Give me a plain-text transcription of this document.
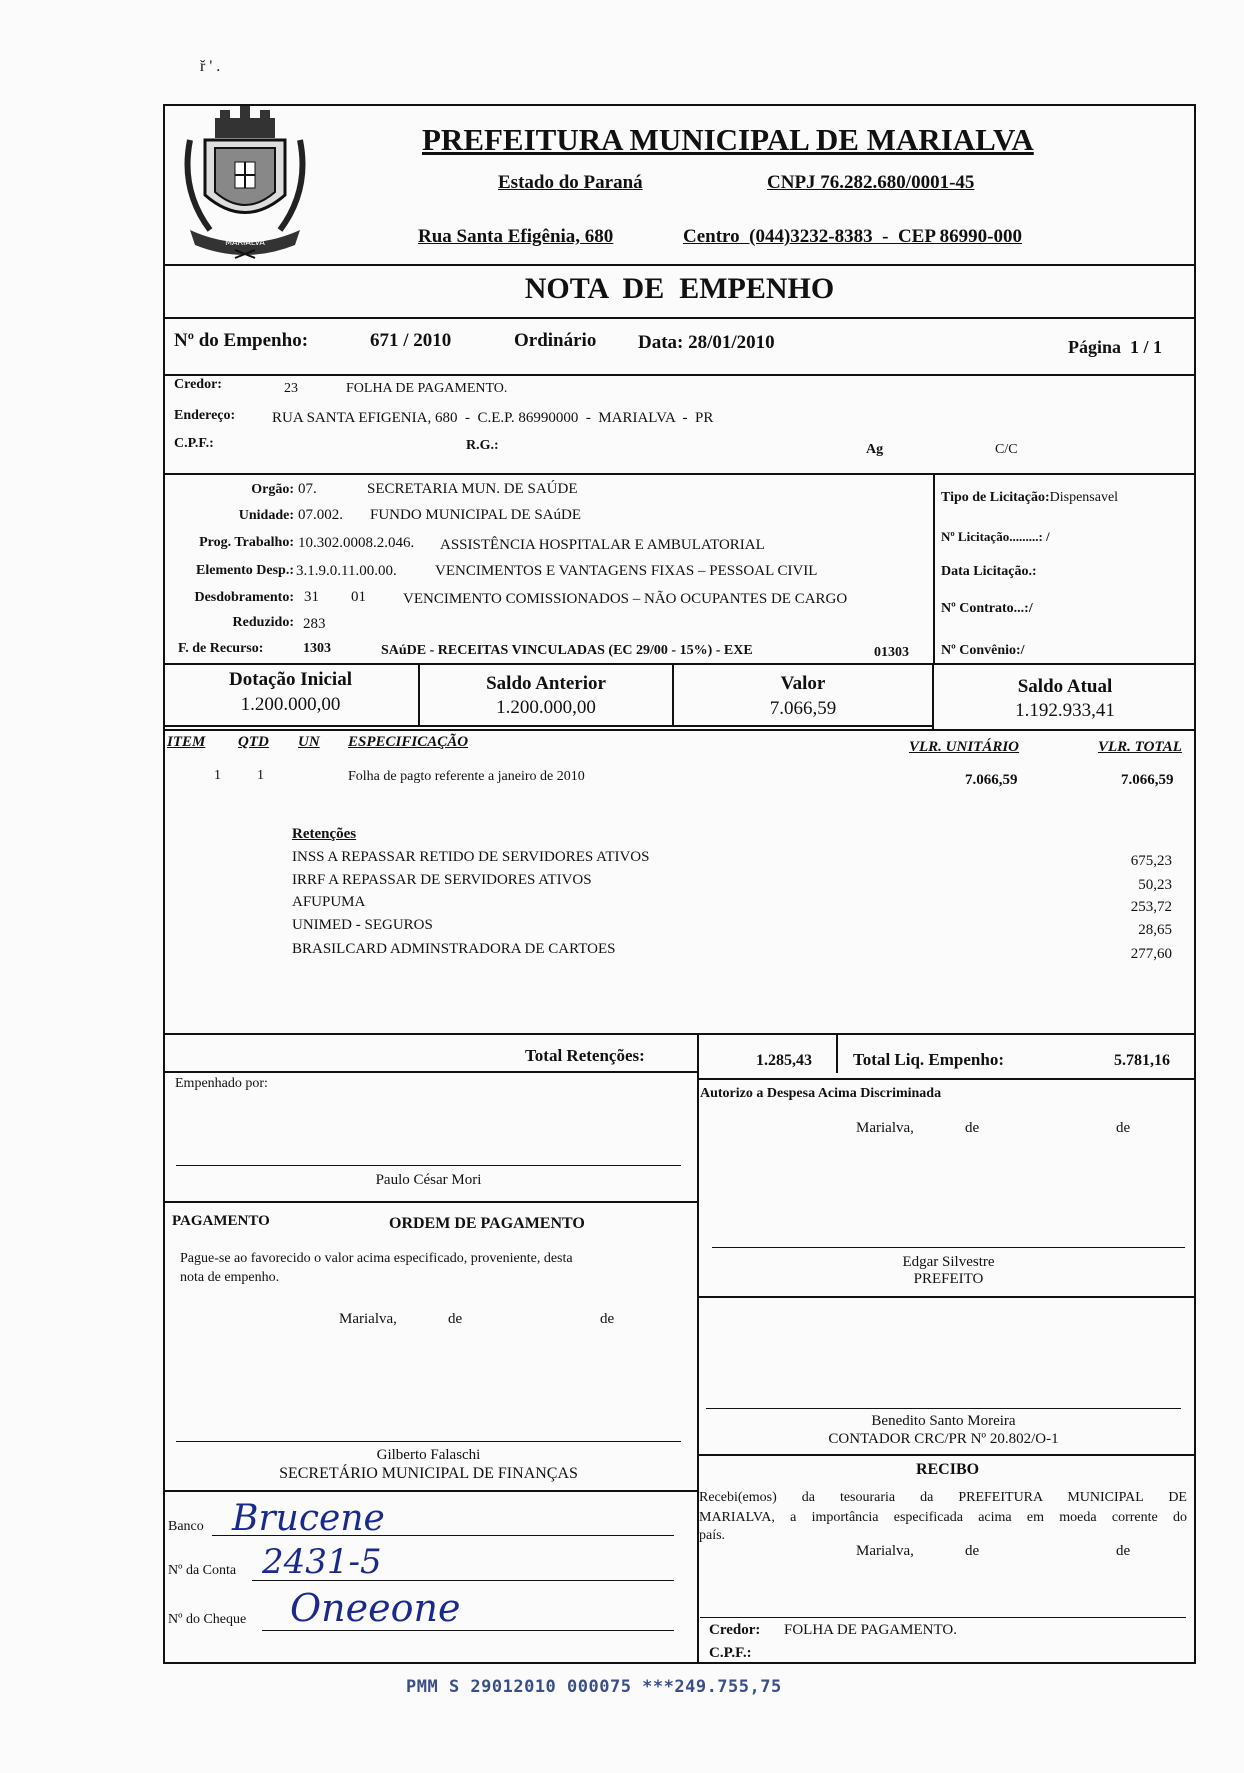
ř ' .
MARIALVA
PREFEITURA MUNICIPAL DE MARIALVA
Estado do Paraná	CNPJ 76.282.680/0001-45
Rua Santa Efigênia, 680	Centro  (044)3232-8383  -  CEP 86990-000
NOTA  DE  EMPENHO
Nº do Empenho:	671 / 2010	Ordinário Data: 28/01/2010	Página  1 / 1
Credor:	23	FOLHA DE PAGAMENTO.
Endereço: RUA SANTA EFIGENIA, 680  -  C.E.P. 86990000  -  MARIALVA  -  PR
C.P.F.:	R.G.:	Ag	C/C
Orgão: 07.	SECRETARIA MUN. DE SAÚDE
Unidade: 07.002. FUNDO MUNICIPAL DE SAúDE
Prog. Trabalho: 10.302.0008.2.046. ASSISTÊNCIA HOSPITALAR E AMBULATORIAL
Elemento Desp.: 3.1.9.0.11.00.00.	VENCIMENTOS E VANTAGENS FIXAS – PESSOAL CIVIL
Desdobramento: 31 01 VENCIMENTO COMISSIONADOS – NÃO OCUPANTES DE CARGO
Reduzido: 283
F. de Recurso:	1303	SAúDE - RECEITAS VINCULADAS (EC 29/00 - 15%) - EXE	01303
Tipo de Licitação:Dispensavel
Nº Licitação.........: /
Data Licitação.:
Nº Contrato...:/
Nº Convênio:/
Dotação Inicial
1.200.000,00
Saldo Anterior
1.200.000,00
Valor
7.066,59
Saldo Atual
1.192.933,41
ITEM QTD UN ESPECIFICAÇÃO	VLR. UNITÁRIO	VLR. TOTAL
1	1	Folha de pagto referente a janeiro de 2010	7.066,59	7.066,59
Retenções
INSS A REPASSAR RETIDO DE SERVIDORES ATIVOS	675,23
IRRF A REPASSAR DE SERVIDORES ATIVOS	50,23
AFUPUMA	253,72
UNIMED - SEGUROS	28,65
BRASILCARD ADMINSTRADORA DE CARTOES	277,60
Total Retenções:	1.285,43 Total Liq. Empenho:	5.781,16
Empenhado por:
Paulo César Mori
Autorizo a Despesa Acima Discriminada
Marialva,	de	de
Edgar Silvestre
PREFEITO
Benedito Santo Moreira
CONTADOR CRC/PR Nº 20.802/O-1
PAGAMENTO	ORDEM DE PAGAMENTO
Pague-se ao favorecido o valor acima especificado, proveniente, desta
nota de empenho.
Marialva,	de	de
Gilberto Falaschi
SECRETÁRIO MUNICIPAL DE FINANÇAS
Banco Brucene
Nº da Conta 2431-5
Nº do Cheque Oneeone
RECIBO
Recebi(emos) da tesouraria da PREFEITURA MUNICIPAL DE
MARIALVA, a importância especificada acima em moeda corrente do
país.
Marialva,	de	de
Credor: FOLHA DE PAGAMENTO.
C.P.F.:
PMM S 29012010 000075 ***249.755,75
